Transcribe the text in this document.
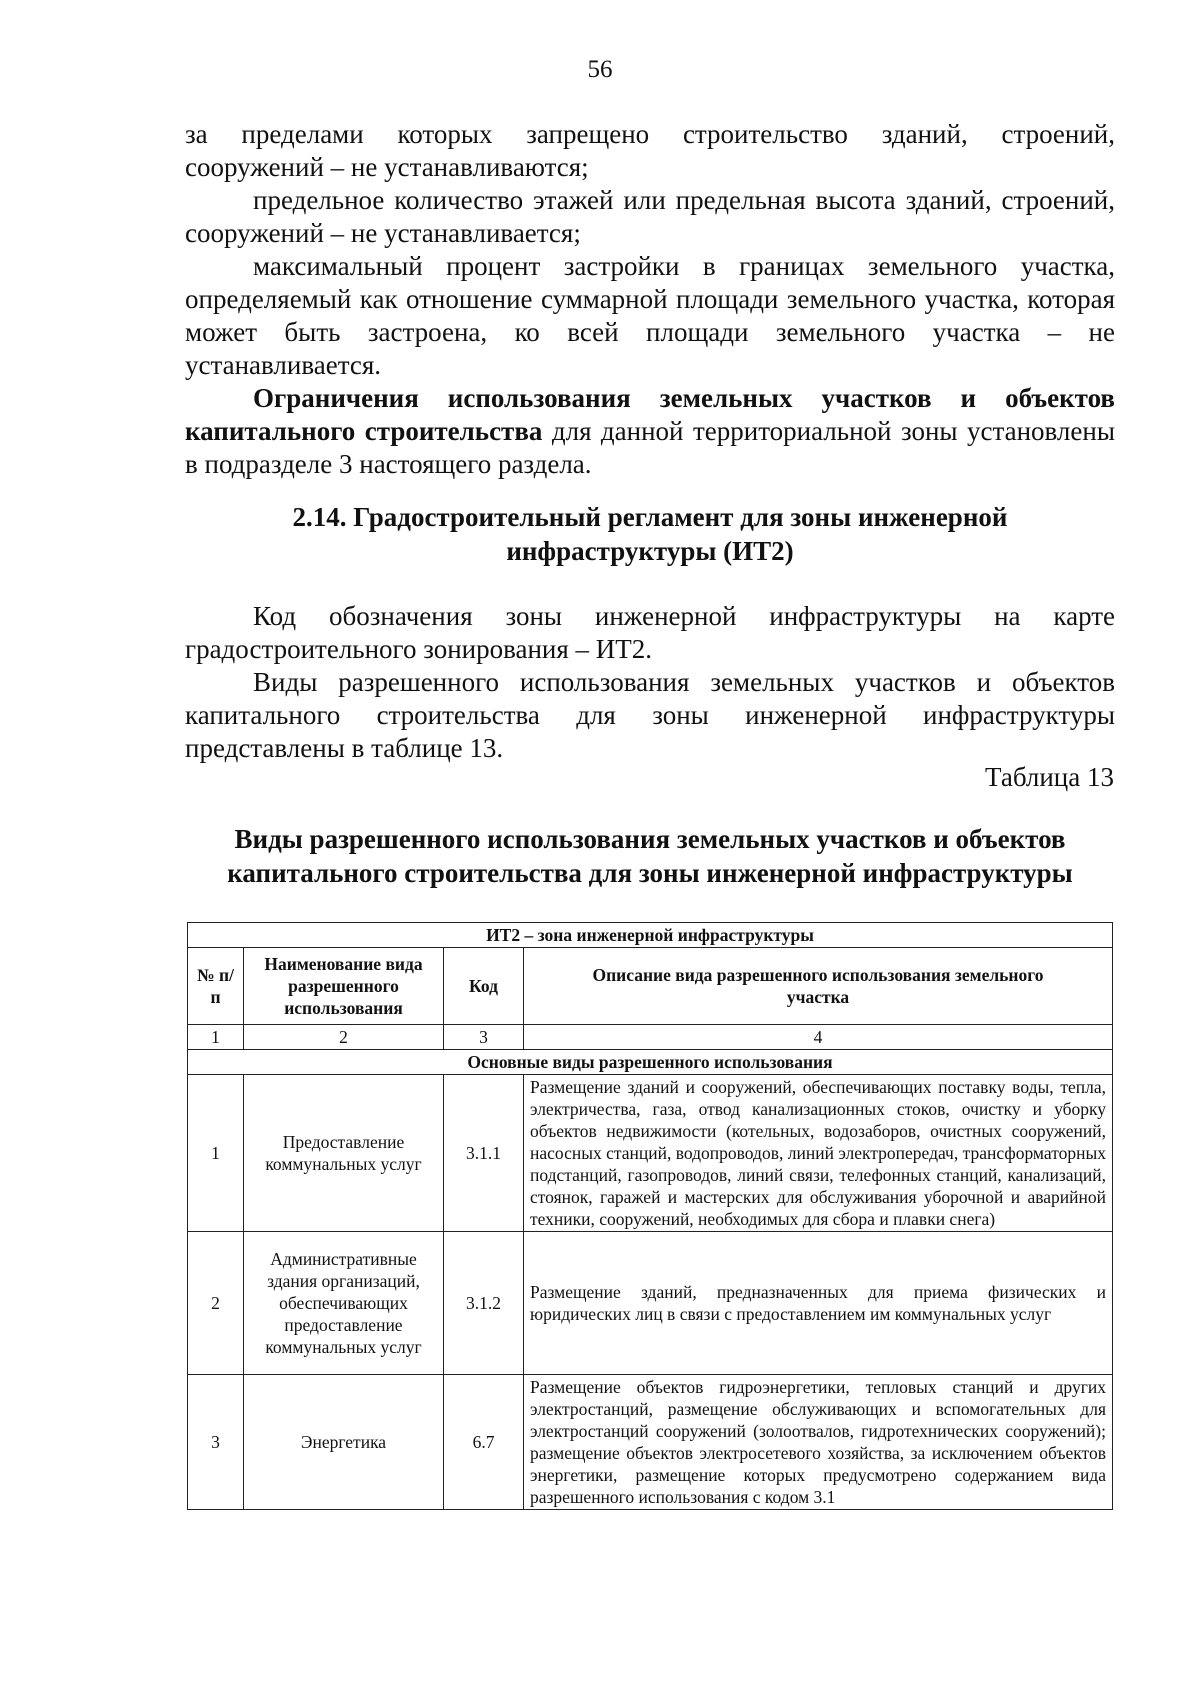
56

за пределами которых запрещено строительство зданий, строений,

сооружений – не устанавливаются;

предельное количество этажей или предельная высота зданий, строений, сооружений – не устанавливается;

максимальный процент застройки в границах земельного участка, определяемый как отношение суммарной площади земельного участка, которая может быть застроена, ко всей площади земельного участка – не устанавливается.

Ограничения использования земельных участков и объектов капитального строительства для данной территориальной зоны установлены в подразделе 3 настоящего раздела.

2.14. Градостроительный регламент для зоны инженерной
инфраструктуры (ИТ2)

Код обозначения зоны инженерной инфраструктуры на карте градостроительного зонирования – ИТ2.

Виды разрешенного использования земельных участков и объектов капитального строительства для зоны инженерной инфраструктуры представлены в таблице 13.

Таблица 13
Виды разрешенного использования земельных участков и объектов
капитального строительства для зоны инженерной инфраструктуры
ИТ2 – зона инженерной инфраструктуры			
№ п/п	Наименование вида разрешенного использования	Код	Описание вида разрешенного использования земельного участка
1	2	3	4
Основные виды разрешенного использования			
1	Предоставление коммунальных услуг	3.1.1	Размещение зданий и сооружений, обеспечивающих поставку воды, тепла, электричества, газа, отвод канализационных стоков, очистку и уборку объектов недвижимости (котельных, водозаборов, очистных сооружений, насосных станций, водопроводов, линий электропередач, трансформаторных подстанций, газопроводов, линий связи, телефонных станций, канализаций, стоянок, гаражей и мастерских для обслуживания уборочной и аварийной техники, сооружений, необходимых для сбора и плавки снега)
2	Административные здания организаций, обеспечивающих предоставление коммунальных услуг	3.1.2	Размещение зданий, предназначенных для приема физических и юридических лиц в связи с предоставлением им коммунальных услуг
3	Энергетика	6.7	Размещение объектов гидроэнергетики, тепловых станций и других электростанций, размещение обслуживающих и вспомогательных для электростанций сооружений (золоотвалов, гидротехнических сооружений); размещение объектов электросетевого хозяйства, за исключением объектов энергетики, размещение которых предусмотрено содержанием вида разрешенного использования с кодом 3.1
